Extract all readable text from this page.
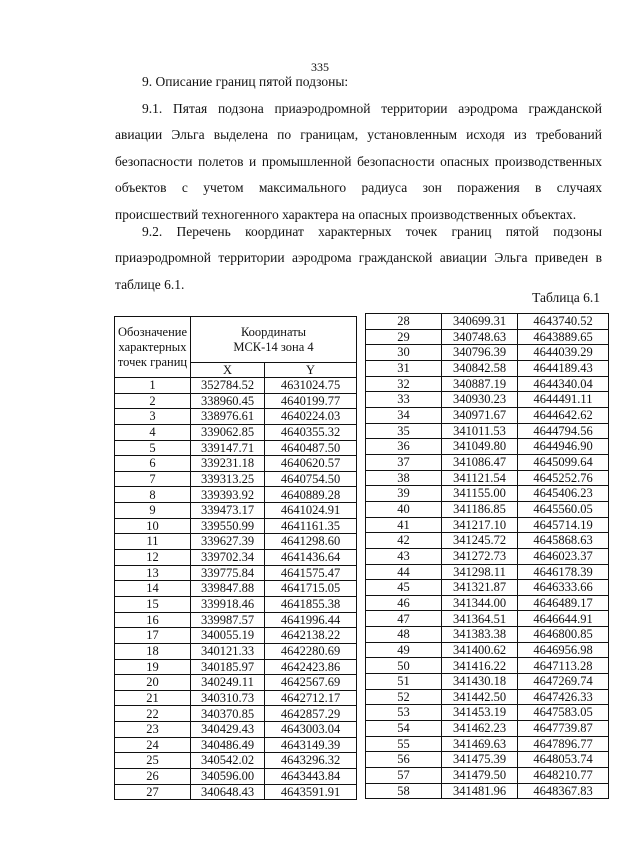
335
9. Описание границ пятой подзоны:
9.1. Пятая подзона приаэродромной территории аэродрома гражданской
авиации Эльга выделена по границам, установленным исходя из требований
безопасности полетов и промышленной безопасности опасных производственных
объектов с учетом максимального радиуса зон поражения в случаях
происшествий техногенного характера на опасных производственных объектах.
9.2. Перечень координат характерных точек границ пятой подзоны
приаэродромной территории аэродрома гражданской авиации Эльга приведен в
таблице 6.1.
Таблица 6.1
Обозначение характерных точек границ	Координаты МСК-14 зона 4	

	X	Y
1	352784.52	4631024.75
2	338960.45	4640199.77
3	338976.61	4640224.03
4	339062.85	4640355.32
5	339147.71	4640487.50
6	339231.18	4640620.57
7	339313.25	4640754.50
8	339393.92	4640889.28
9	339473.17	4641024.91
10	339550.99	4641161.35
11	339627.39	4641298.60
12	339702.34	4641436.64
13	339775.84	4641575.47
14	339847.88	4641715.05
15	339918.46	4641855.38
16	339987.57	4641996.44
17	340055.19	4642138.22
18	340121.33	4642280.69
19	340185.97	4642423.86
20	340249.11	4642567.69
21	340310.73	4642712.17
22	340370.85	4642857.29
23	340429.43	4643003.04
24	340486.49	4643149.39
25	340542.02	4643296.32
26	340596.00	4643443.84
27	340648.43	4643591.91
28	340699.31	4643740.52
29	340748.63	4643889.65
30	340796.39	4644039.29
31	340842.58	4644189.43
32	340887.19	4644340.04
33	340930.23	4644491.11
34	340971.67	4644642.62
35	341011.53	4644794.56
36	341049.80	4644946.90
37	341086.47	4645099.64
38	341121.54	4645252.76
39	341155.00	4645406.23
40	341186.85	4645560.05
41	341217.10	4645714.19
42	341245.72	4645868.63
43	341272.73	4646023.37
44	341298.11	4646178.39
45	341321.87	4646333.66
46	341344.00	4646489.17
47	341364.51	4646644.91
48	341383.38	4646800.85
49	341400.62	4646956.98
50	341416.22	4647113.28
51	341430.18	4647269.74
52	341442.50	4647426.33
53	341453.19	4647583.05
54	341462.23	4647739.87
55	341469.63	4647896.77
56	341475.39	4648053.74
57	341479.50	4648210.77
58	341481.96	4648367.83
